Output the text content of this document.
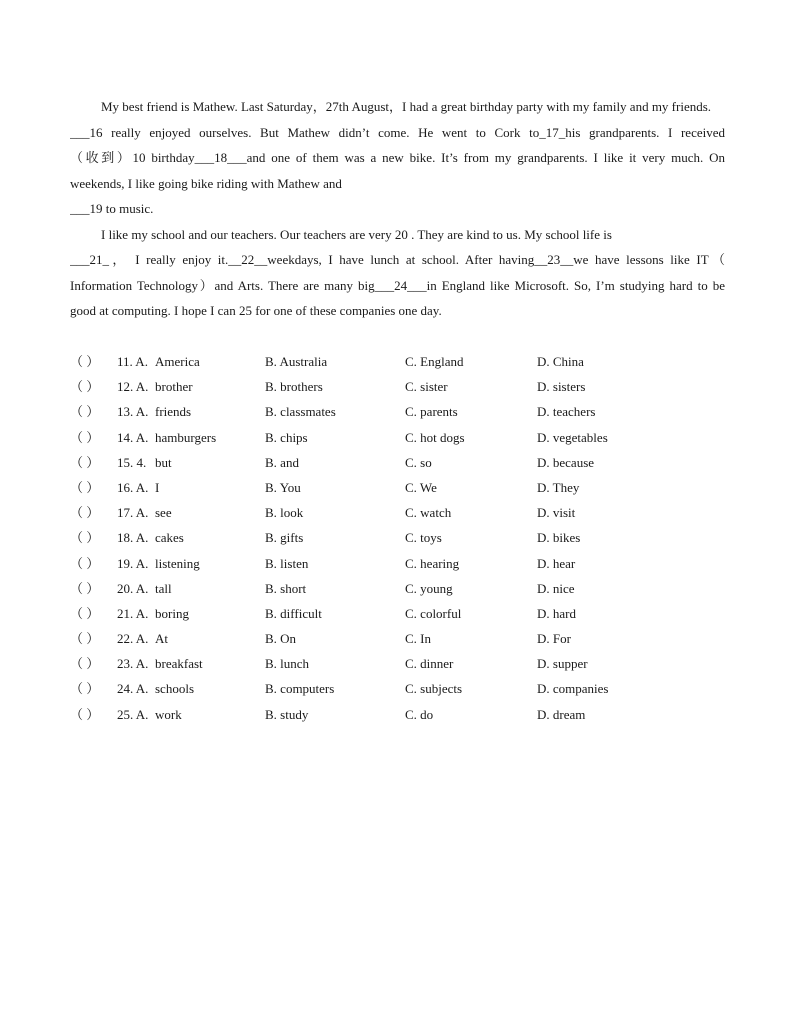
My best friend is Mathew. Last Saturday，27th August，I had a great birthday party with my family and my friends.
___16 really enjoyed ourselves. But Mathew didn’t come. He went to Cork to_17_his grandparents. I received
（收到）10 birthday___18___and one of them was a new bike. It’s from my grandparents. I like it very much. On
weekends, I like going bike riding with Mathew and
___19 to music.
I like my school and our teachers. Our teachers are very 20 . They are kind to us. My school life is
___21_， I really enjoy it.__22__weekdays, I have lunch at school. After having__23__we have lessons like IT（
Information Technology）and Arts. There are many big___24___in England like Microsoft. So, I’m studying hard to be
good at computing. I hope I can 25 for one of these companies one day.
（ ） 11. A. America	B. Australia	C. England	D. China
（ ） 12. A. brother	B. brothers	C. sister	D. sisters
（ ） 13. A. friends	B. classmates	C. parents	D. teachers
（ ） 14. A. hamburgers	B. chips	C. hot dogs	D. vegetables
（ ） 15. 4. but	B. and	C. so	D. because
（ ） 16. A. I	B. You	C. We	D. They
（ ） 17. A. see	B. look	C. watch	D. visit
（ ） 18. A. cakes	B. gifts	C. toys	D. bikes
（ ） 19. A. listening	B. listen	C. hearing	D. hear
（ ） 20. A. tall	B. short	C. young	D. nice
（ ） 21. A. boring	B. difficult	C. colorful	D. hard
（ ） 22. A. At	B. On	C. In	D. For
（ ） 23. A. breakfast	B. lunch	C. dinner	D. supper
（ ） 24. A. schools	B. computers	C. subjects	D. companies
（ ） 25. A. work	B. study	C. do	D. dream
